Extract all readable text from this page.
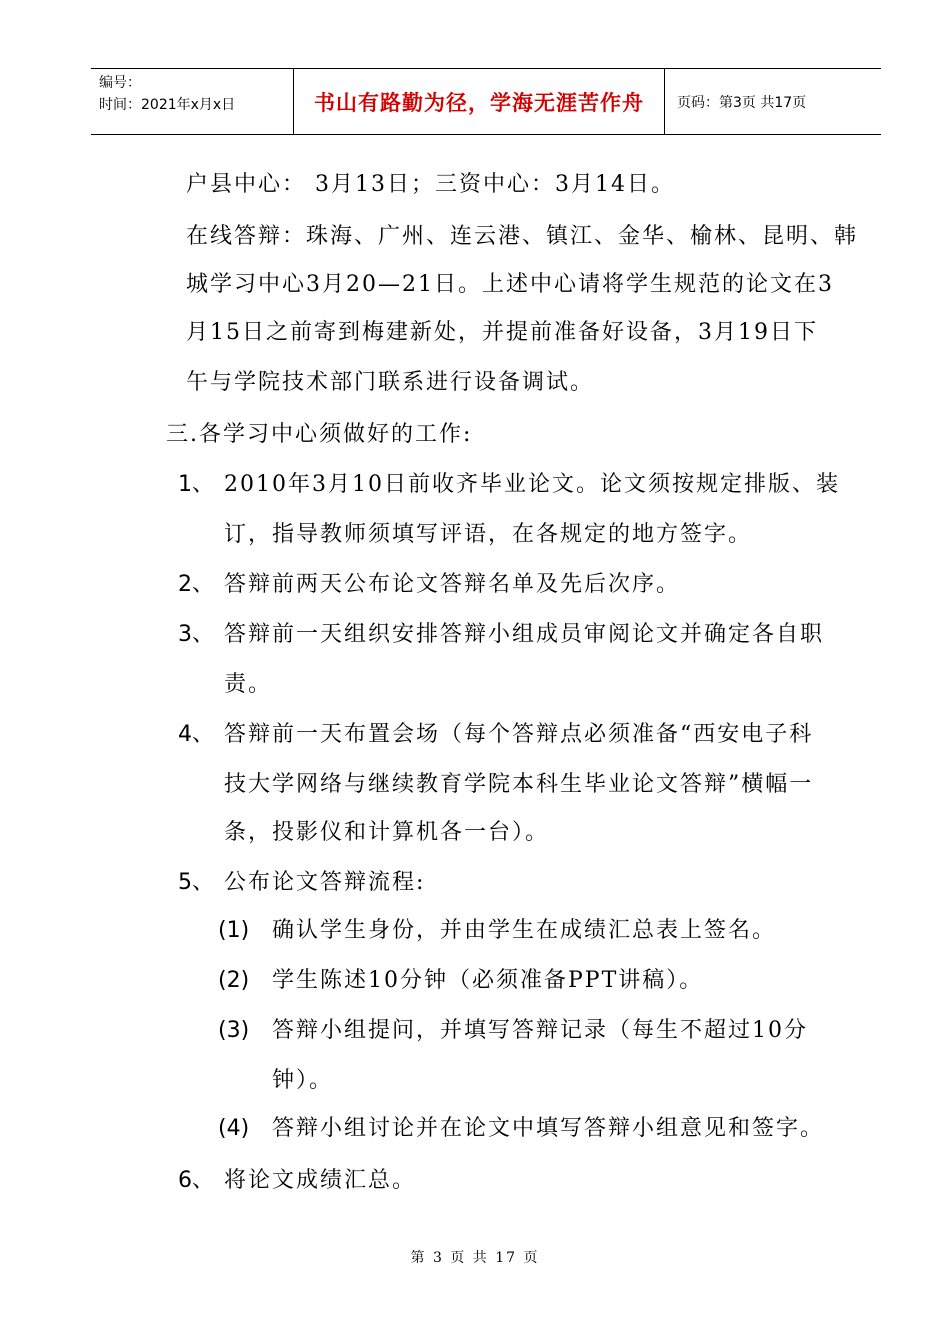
编号：
时间：2021年x月x日	书山有路勤为径，学海无涯苦作舟	页码：第3页 共17页
户县中心： 3月13日；三资中心：3月14日。
在线答辩：珠海、广州、连云港、镇江、金华、榆林、昆明、韩
城学习中心3月20—21日。上述中心请将学生规范的论文在3
月15日之前寄到梅建新处，并提前准备好设备，3月19日下
午与学院技术部门联系进行设备调试。
三.各学习中心须做好的工作:
1、 2010年3月10日前收齐毕业论文。论文须按规定排版、装
订，指导教师须填写评语，在各规定的地方签字。
2、 答辩前两天公布论文答辩名单及先后次序。
3、 答辩前一天组织安排答辩小组成员审阅论文并确定各自职
责。
4、 答辩前一天布置会场（每个答辩点必须准备“西安电子科
技大学网络与继续教育学院本科生毕业论文答辩”横幅一
条，投影仪和计算机各一台）。
5、 公布论文答辩流程:
(1) 确认学生身份，并由学生在成绩汇总表上签名。
(2) 学生陈述10分钟（必须准备PPT讲稿）。
(3) 答辩小组提问，并填写答辩记录（每生不超过10分
钟）。
(4) 答辩小组讨论并在论文中填写答辩小组意见和签字。
6、 将论文成绩汇总。
第 3 页 共 17 页
